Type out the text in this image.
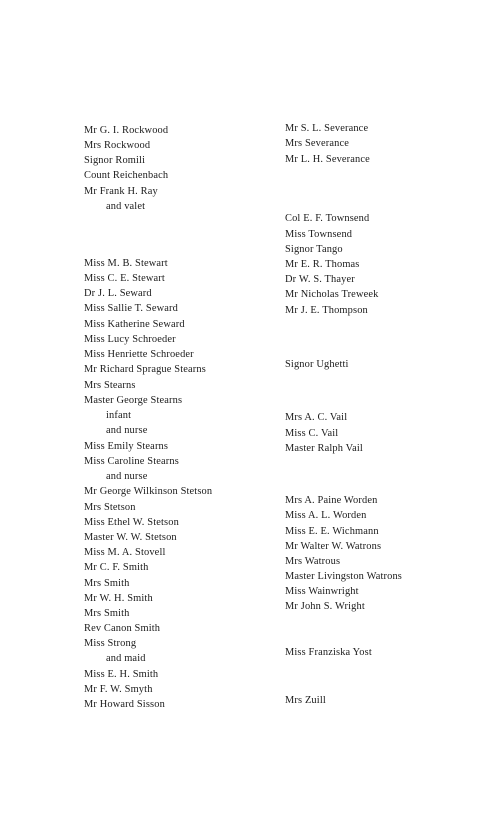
Mr G. I. Rockwood
Mrs Rockwood
Signor Romili
Count Reichenbach
Mr Frank H. Ray
and valet
Miss M. B. Stewart
Miss C. E. Stewart
Dr J. L. Seward
Miss Sallie T. Seward
Miss Katherine Seward
Miss Lucy Schroeder
Miss Henriette Schroeder
Mr Richard Sprague Stearns
Mrs Stearns
Master George Stearns
infant
and nurse
Miss Emily Stearns
Miss Caroline Stearns
and nurse
Mr George Wilkinson Stetson
Mrs Stetson
Miss Ethel W. Stetson
Master W. W. Stetson
Miss M. A. Stovell
Mr C. F. Smith
Mrs Smith
Mr W. H. Smith
Mrs Smith
Rev Canon Smith
Miss Strong
and maid
Miss E. H. Smith
Mr F. W. Smyth
Mr Howard Sisson
Mr S. L. Severance
Mrs Severance
Mr L. H. Severance
Col E. F. Townsend
Miss Townsend
Signor Tango
Mr E. R. Thomas
Dr W. S. Thayer
Mr Nicholas Treweek
Mr J. E. Thompson
Signor Ughetti
Mrs A. C. Vail
Miss C. Vail
Master Ralph Vail
Mrs A. Paine Worden
Miss A. L. Worden
Miss E. E. Wichmann
Mr Walter W. Watrons
Mrs Watrous
Master Livingston Watrons
Miss Wainwright
Mr John S. Wright
Miss Franziska Yost
Mrs Zuill
